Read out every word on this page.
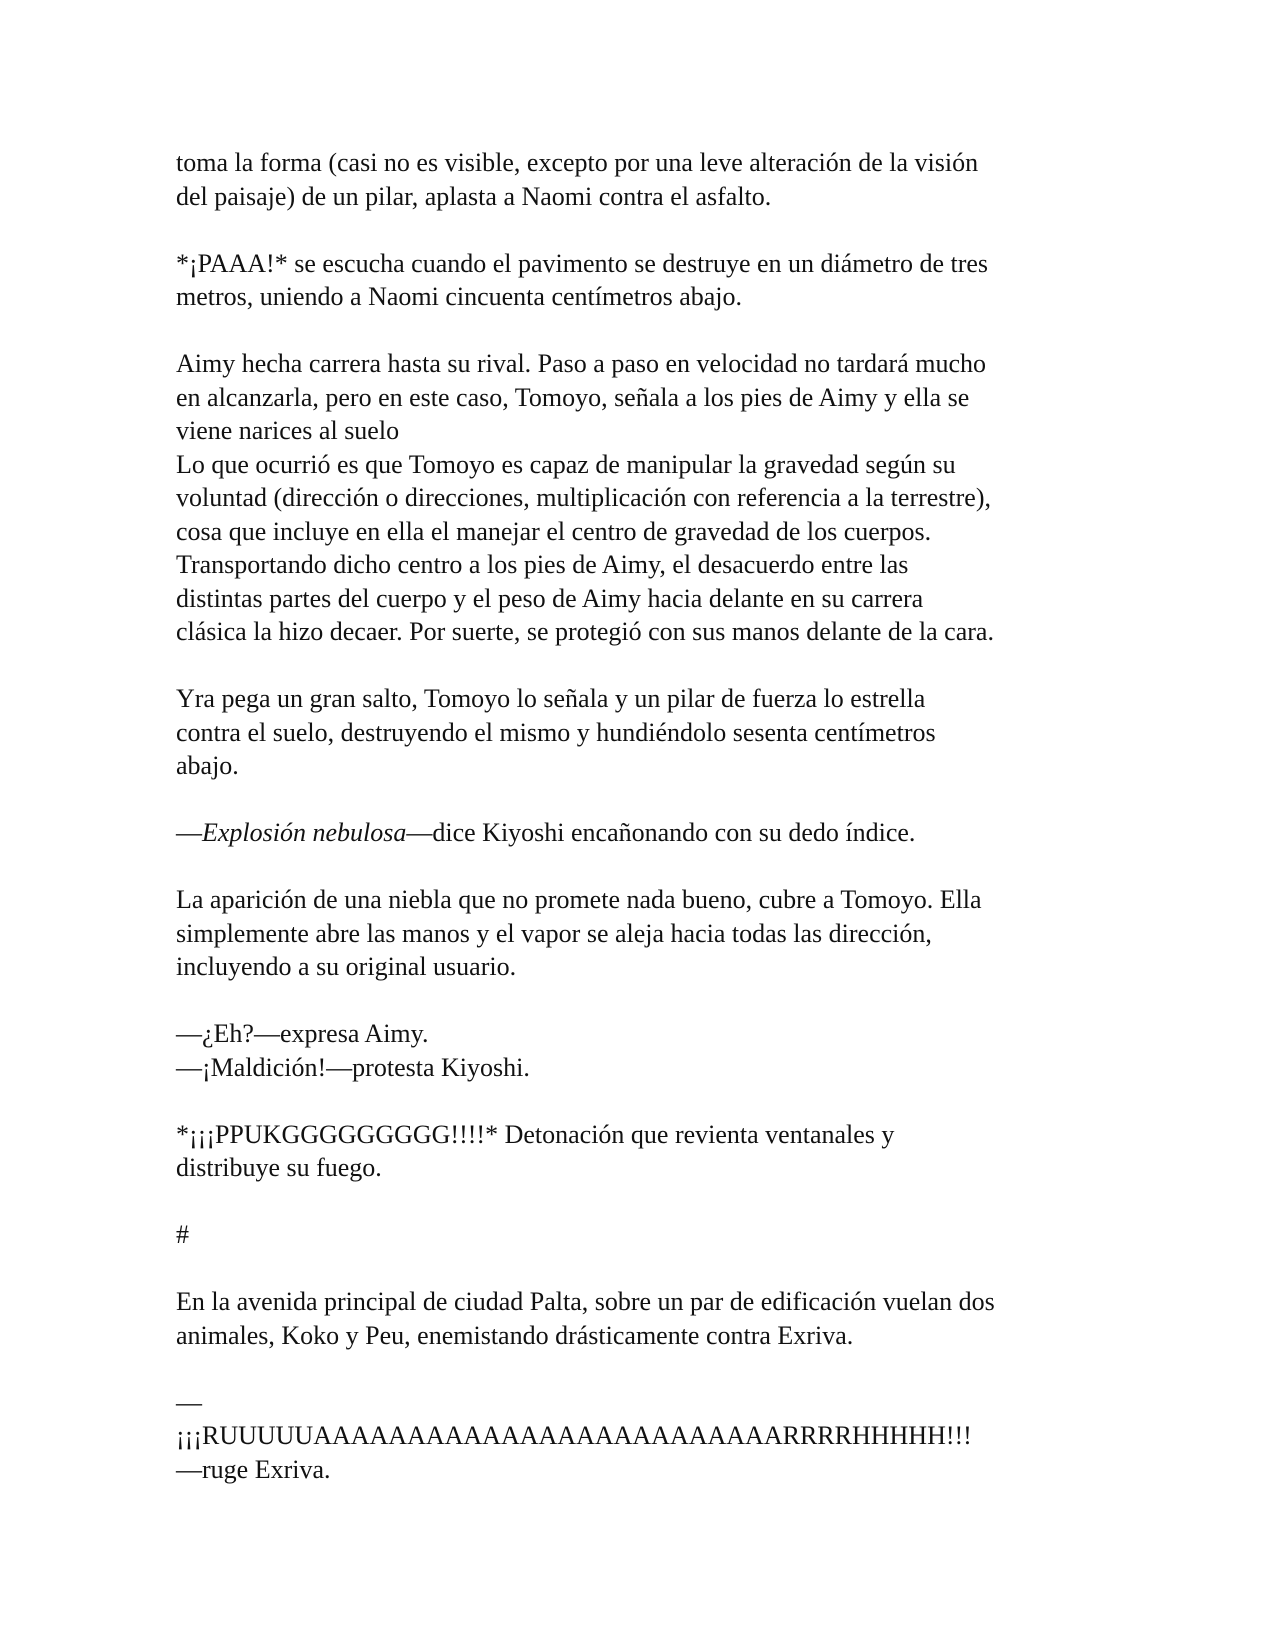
toma la forma (casi no es visible, excepto por una leve alteración de la visión
del paisaje) de un pilar, aplasta a Naomi contra el asfalto.

*¡PAAA!* se escucha cuando el pavimento se destruye en un diámetro de tres
metros, uniendo a Naomi cincuenta centímetros abajo.

Aimy hecha carrera hasta su rival. Paso a paso en velocidad no tardará mucho
en alcanzarla, pero en este caso, Tomoyo, señala a los pies de Aimy y ella se
viene narices al suelo
Lo que ocurrió es que Tomoyo es capaz de manipular la gravedad según su
voluntad (dirección o direcciones, multiplicación con referencia a la terrestre),
cosa que incluye en ella el manejar el centro de gravedad de los cuerpos.
Transportando dicho centro a los pies de Aimy, el desacuerdo entre las
distintas partes del cuerpo y el peso de Aimy hacia delante en su carrera
clásica la hizo decaer. Por suerte, se protegió con sus manos delante de la cara.

Yra pega un gran salto, Tomoyo lo señala y un pilar de fuerza lo estrella
contra el suelo, destruyendo el mismo y hundiéndolo sesenta centímetros
abajo.

—Explosión nebulosa—dice Kiyoshi encañonando con su dedo índice.

La aparición de una niebla que no promete nada bueno, cubre a Tomoyo. Ella
simplemente abre las manos y el vapor se aleja hacia todas las dirección,
incluyendo a su original usuario.

—¿Eh?—expresa Aimy.
—¡Maldición!—protesta Kiyoshi.

*¡¡¡PPUKGGGGGGGGG!!!!* Detonación que revienta ventanales y
distribuye su fuego.

#

En la avenida principal de ciudad Palta, sobre un par de edificación vuelan dos
animales, Koko y Peu, enemistando drásticamente contra Exriva.

—
¡¡¡RUUUUUAAAAAAAAAAAAAAAAAAAAAAAAARRRRHHHHH!!!
—ruge Exriva.
